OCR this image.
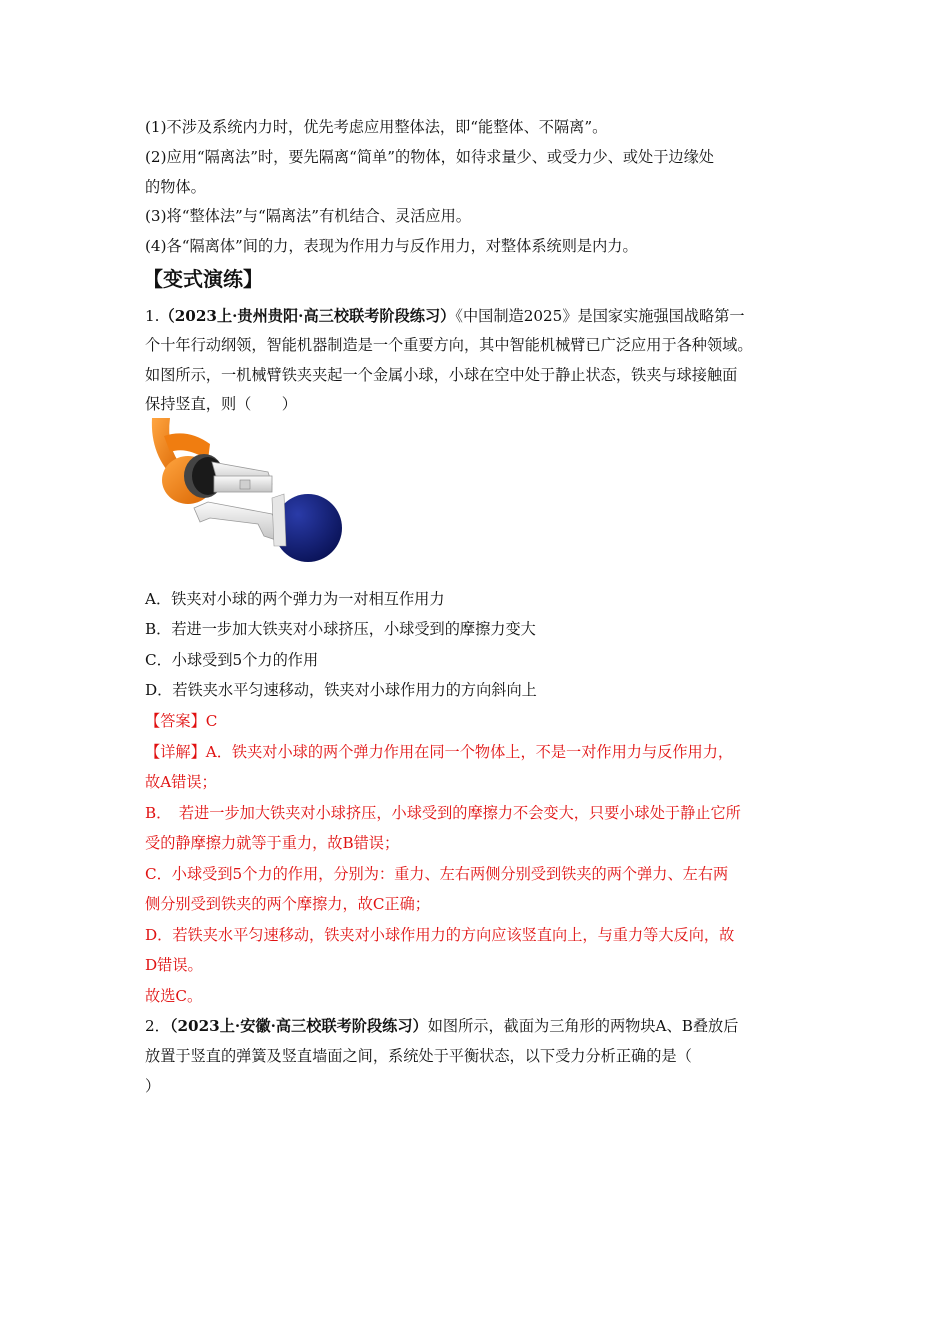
(1)不涉及系统内力时，优先考虑应用整体法，即“能整体、不隔离”。
(2)应用“隔离法”时，要先隔离“简单”的物体，如待求量少、或受力少、或处于边缘处
的物体。
(3)将“整体法”与“隔离法”有机结合、灵活应用。
(4)各“隔离体”间的力，表现为作用力与反作用力，对整体系统则是内力。
【变式演练】
1.（2023上·贵州贵阳·高三校联考阶段练习）《中国制造2025》是国家实施强国战略第一
个十年行动纲领，智能机器制造是一个重要方向，其中智能机械臂已广泛应用于各种领域。
如图所示，一机械臂铁夹夹起一个金属小球，小球在空中处于静止状态，铁夹与球接触面
保持竖直，则（　　）
A．铁夹对小球的两个弹力为一对相互作用力
B．若进一步加大铁夹对小球挤压，小球受到的摩擦力变大
C．小球受到5个力的作用
D．若铁夹水平匀速移动，铁夹对小球作用力的方向斜向上
【答案】C
【详解】A．铁夹对小球的两个弹力作用在同一个物体上，不是一对作用力与反作用力，
故A错误；
B．　若进一步加大铁夹对小球挤压，小球受到的摩擦力不会变大，只要小球处于静止它所
受的静摩擦力就等于重力，故B错误；
C．小球受到5个力的作用，分别为：重力、左右两侧分别受到铁夹的两个弹力、左右两
侧分别受到铁夹的两个摩擦力，故C正确；
D．若铁夹水平匀速移动，铁夹对小球作用力的方向应该竖直向上，与重力等大反向，故
D错误。
故选C。
2．（2023上·安徽·高三校联考阶段练习）如图所示，截面为三角形的两物块A、B叠放后
放置于竖直的弹簧及竖直墙面之间，系统处于平衡状态，以下受力分析正确的是（
）
